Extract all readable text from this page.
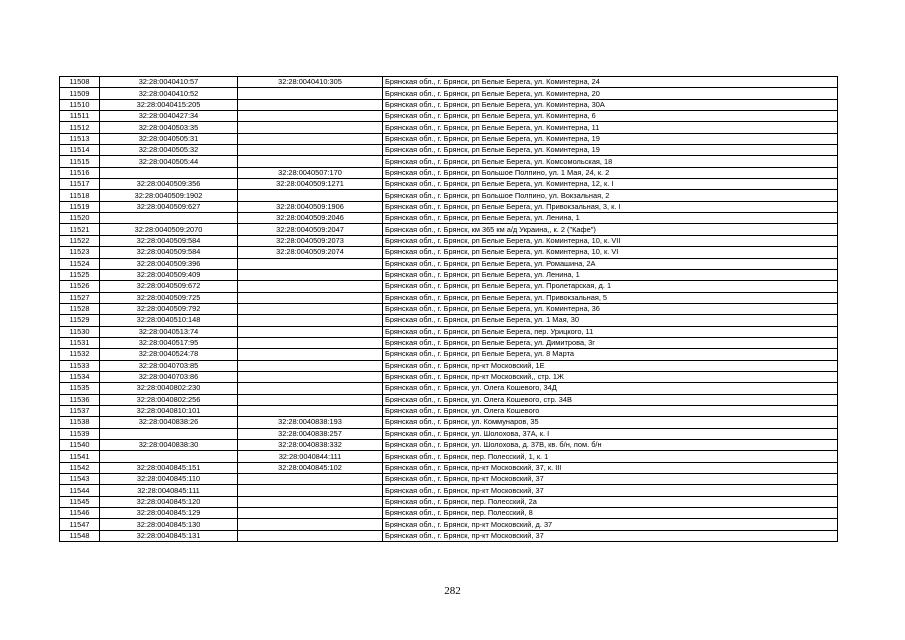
11508	32:28:0040410:57	32:28:0040410:305	Брянская обл., г. Брянск, рп Белые Берега, ул. Коминтерна, 24
11509	32:28:0040410:52		Брянская обл., г. Брянск, рп Белые Берега, ул. Коминтерна, 20
11510	32:28:0040415:205		Брянская обл., г. Брянск, рп Белые Берега, ул. Коминтерна, 30А
11511	32:28:0040427:34		Брянская обл., г. Брянск, рп Белые Берега, ул. Коминтерна, 6
11512	32:28:0040503:35		Брянская обл., г. Брянск, рп Белые Берега, ул. Коминтерна, 11
11513	32:28:0040505:31		Брянская обл., г. Брянск, рп Белые Берега, ул. Коминтерна, 19
11514	32:28:0040505:32		Брянская обл., г. Брянск, рп Белые Берега, ул. Коминтерна, 19
11515	32:28:0040505:44		Брянская обл., г. Брянск, рп Белые Берега, ул. Комсомольская, 18
11516		32:28:0040507:170	Брянская обл., г. Брянск, рп Большое Полпино, ул. 1 Мая, 24, к. 2
11517	32:28:0040509:356	32:28:0040509:1271	Брянская обл., г. Брянск, рп Белые Берега, ул. Коминтерна, 12, к. I
11518	32:28:0040509:1902		Брянская обл., г. Брянск, рп Большое Полпино, ул. Вокзальная, 2
11519	32:28:0040509:627	32:28:0040509:1906	Брянская обл., г. Брянск, рп Белые Берега, ул. Привокзальная, 3, к. I
11520		32:28:0040509:2046	Брянская обл., г. Брянск, рп Белые Берега, ул. Ленина, 1
11521	32:28:0040509:2070	32:28:0040509:2047	Брянская обл., г. Брянск, км 365 км а/д Украина,, к. 2 ("Кафе")
11522	32:28:0040509:584	32:28:0040509:2073	Брянская обл., г. Брянск, рп Белые Берега, ул. Коминтерна, 10, к. VII
11523	32:28:0040509:584	32:28:0040509:2074	Брянская обл., г. Брянск, рп Белые Берега, ул. Коминтерна, 10, к. VI
11524	32:28:0040509:396		Брянская обл., г. Брянск, рп Белые Берега, ул. Ромашина, 2А
11525	32:28:0040509:409		Брянская обл., г. Брянск, рп Белые Берега, ул. Ленина, 1
11526	32:28:0040509:672		Брянская обл., г. Брянск, рп Белые Берега, ул. Пролетарская, д. 1
11527	32:28:0040509:725		Брянская обл., г. Брянск, рп Белые Берега, ул. Привокзальная, 5
11528	32:28:0040509:792		Брянская обл., г. Брянск, рп Белые Берега, ул. Коминтерна, 36
11529	32:28:0040510:148		Брянская обл., г. Брянск, рп Белые Берега, ул. 1 Мая, 30
11530	32:28:0040513:74		Брянская обл., г. Брянск, рп Белые Берега, пер. Урицкого, 11
11531	32:28:0040517:95		Брянская обл., г. Брянск, рп Белые Берега, ул. Димитрова, 3г
11532	32:28:0040524:78		Брянская обл., г. Брянск, рп Белые Берега, ул. 8 Марта
11533	32:28:0040703:85		Брянская обл., г. Брянск, пр-кт Московский, 1Е
11534	32:28:0040703:86		Брянская обл., г. Брянск, пр-кт Московский,, стр. 1Ж
11535	32:28:0040802:230		Брянская обл., г. Брянск, ул. Олега Кошевого, 34Д
11536	32:28:0040802:256		Брянская обл., г. Брянск, ул. Олега Кошевого, стр. 34В
11537	32:28:0040810:101		Брянская обл., г. Брянск, ул. Олега Кошевого
11538	32:28:0040838:26	32:28:0040838:193	Брянская обл., г. Брянск, ул. Коммунаров, 35
11539		32:28:0040838:257	Брянская обл., г. Брянск, ул. Шолохова, 37А, к. I
11540	32:28:0040838:30	32:28:0040838:332	Брянская обл., г. Брянск, ул. Шолохова, д. 37В, кв. б/н, пом. б/н
11541		32:28:0040844:111	Брянская обл., г. Брянск, пер. Полесский, 1, к. 1
11542	32:28:0040845:151	32:28:0040845:102	Брянская обл., г. Брянск, пр-кт Московский, 37, к. III
11543	32:28:0040845:110		Брянская обл., г. Брянск, пр-кт Московский, 37
11544	32:28:0040845:111		Брянская обл., г. Брянск, пр-кт Московский, 37
11545	32:28:0040845:120		Брянская обл., г. Брянск, пер. Полесский, 2а
11546	32:28:0040845:129		Брянская обл., г. Брянск, пер. Полесский, 8
11547	32:28:0040845:130		Брянская обл., г. Брянск, пр-кт Московский, д. 37
11548	32:28:0040845:131		Брянская обл., г. Брянск, пр-кт Московский, 37
282
